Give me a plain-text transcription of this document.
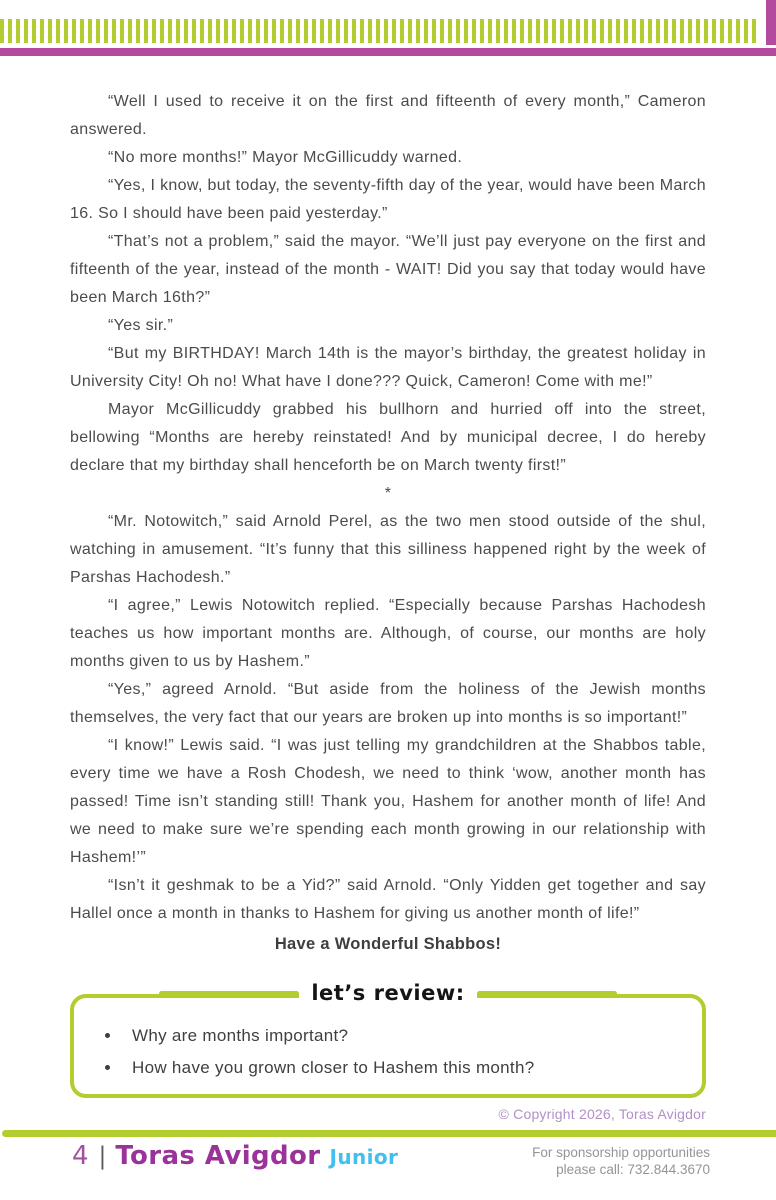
“Well I used to receive it on the first and fifteenth of every month,” Cameron answered.

“No more months!” Mayor McGillicuddy warned.

“Yes, I know, but today, the seventy-fifth day of the year, would have been March 16. So I should have been paid yesterday.”

“That’s not a problem,” said the mayor. “We’ll just pay everyone on the first and fifteenth of the year, instead of the month - WAIT! Did you say that today would have been March 16th?”

“Yes sir.”

“But my BIRTHDAY! March 14th is the mayor’s birthday, the greatest holiday in University City! Oh no! What have I done??? Quick, Cameron! Come with me!”

Mayor McGillicuddy grabbed his bullhorn and hurried off into the street, bellowing “Months are hereby reinstated! And by municipal decree, I do hereby declare that my birthday shall henceforth be on March twenty first!”

*

“Mr. Notowitch,” said Arnold Perel, as the two men stood outside of the shul, watching in amusement. “It’s funny that this silliness happened right by the week of Parshas Hachodesh.”

“I agree,” Lewis Notowitch replied. “Especially because Parshas Hachodesh teaches us how important months are. Although, of course, our months are holy months given to us by Hashem.”

“Yes,” agreed Arnold. “But aside from the holiness of the Jewish months themselves, the very fact that our years are broken up into months is so important!”

“I know!” Lewis said. “I was just telling my grandchildren at the Shabbos table, every time we have a Rosh Chodesh, we need to think ‘wow, another month has passed! Time isn’t standing still! Thank you, Hashem for another month of life! And we need to make sure we’re spending each month growing in our relationship with Hashem!’”

“Isn’t it geshmak to be a Yid?” said Arnold. “Only Yidden get together and say Hallel once a month in thanks to Hashem for giving us another month of life!”

Have a Wonderful Shabbos!
let’s review:
• Why are months important?
• How have you grown closer to Hashem this month?
© Copyright 2026, Toras Avigdor
4 | Toras Avigdor Junior	For sponsorship opportunities
please call: 732.844.3670
